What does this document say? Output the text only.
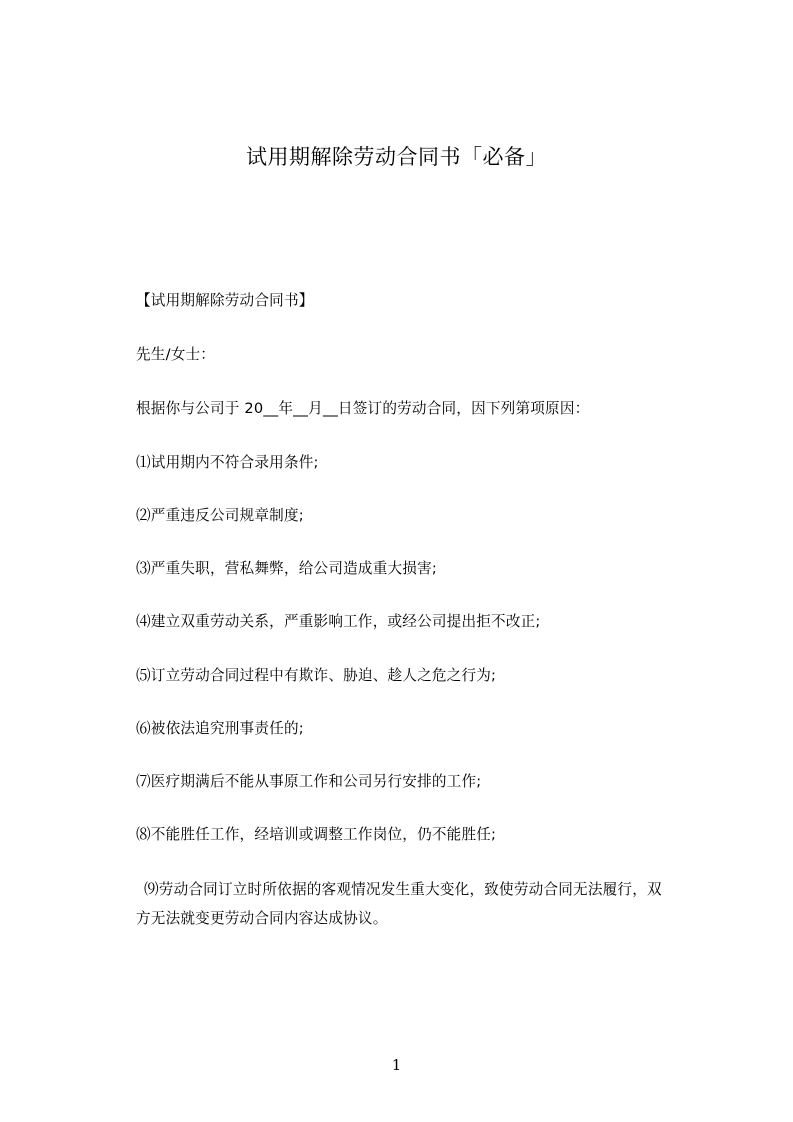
试用期解除劳动合同书「必备」
【试用期解除劳动合同书】
先生/女士：
根据你与公司于 20__年__月__日签订的劳动合同，因下列第项原因：
⑴试用期内不符合录用条件;
⑵严重违反公司规章制度;
⑶严重失职，营私舞弊，给公司造成重大损害;
⑷建立双重劳动关系，严重影响工作，或经公司提出拒不改正;
⑸订立劳动合同过程中有欺诈、胁迫、趁人之危之行为;
⑹被依法追究刑事责任的;
⑺医疗期满后不能从事原工作和公司另行安排的工作;
⑻不能胜任工作，经培训或调整工作岗位，仍不能胜任;
⑼劳动合同订立时所依据的客观情况发生重大变化，致使劳动合同无法履行，双
方无法就变更劳动合同内容达成协议。
1
